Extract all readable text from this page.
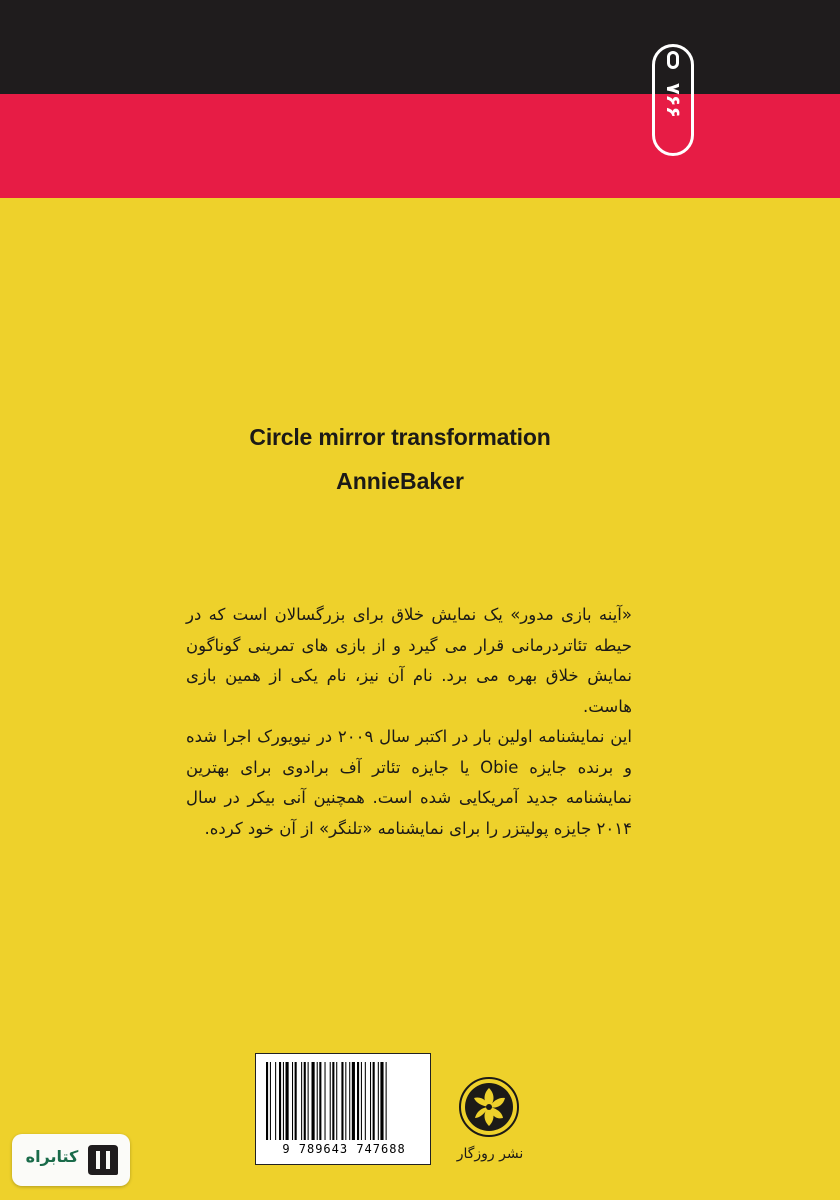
۷۶۶
Circle mirror transformation
AnnieBaker

«آینه بازی مدور» یک نمایش خلاق برای بزرگسالان است که در حیطه تئاتردرمانی قرار می گیرد و از بازی های تمرینی گوناگون نمایش خلاق بهره می برد. نام آن نیز، نام یکی از همین بازی هاست.

این نمایشنامه اولین بار در اکتبر سال ۲۰۰۹ در نیویورک اجرا شده و برنده جایزه Obie یا جایزه تئاتر آف برادوی برای بهترین نمایشنامه جدید آمریکایی شده است. همچنین آنی بیکر در سال ۲۰۱۴ جایزه پولیتزر را برای نمایشنامه «تلنگر» از آن خود کرده.

9 789643 747688	نشر روزگار
کتابراه
